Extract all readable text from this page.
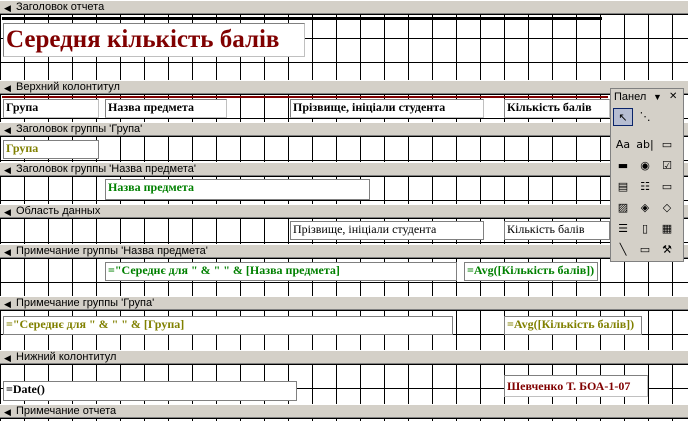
◀ Заголовок отчета
Середня кількість балів
◀ Верхний колонтитул
Група	Назва предмета	Прізвище, ініціали студента	Кількість балів
◀ Заголовок группы 'Група'
Група
◀ Заголовок группы 'Назва предмета'
Назва предмета
◀ Область данных
Прізвище, ініціали студента	Кількість балів
◀ Примечание группы 'Назва предмета'
="Середнє для " & " " & [Назва предмета]	=Avg([Кількість балів])
◀ Примечание группы 'Група'
="Середнє для " & " " & [Група]	=Avg([Кількість балів])
◀ Нижний колонтитул
=Date()	Шевченко Т. БОА-1-07
◀ Примечание отчета
Панел ▼ ✕
↖	⋱
Aa ab| ▭
▬	◉	☑
▤	☷	▭
▨	◈	◇
☰	▯	▦
╲	▭	⚒
